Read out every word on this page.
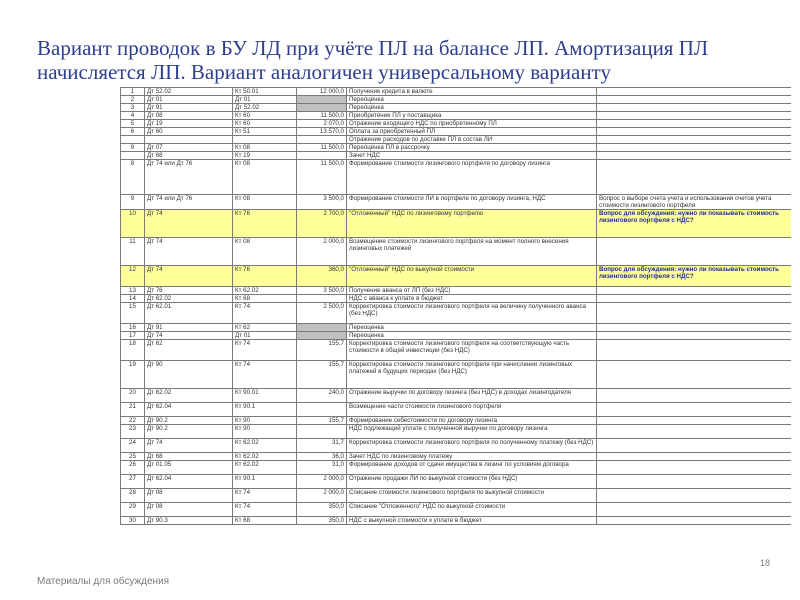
Вариант проводок в БУ ЛД при учёте ПЛ на балансе ЛП. Амортизация ПЛ начисляется ЛП. Вариант аналогичен универсальному варианту
1	Дт 52.02	Кт 50.01	12 000,0	Получение кредита в валюте	
2	Дт 01	Дт 01		Переоценка	
3	Дт 91	Дт 52.02		Переоценка	
4	Дт 08	Кт 60	11 500,0	Приобретение ПЛ у поставщика	
5	Дт 19	Кт 60	2 070,0	Отражение входящего НДС по приобретенному ПЛ	
6	Дт 60	Кт 51	13 570,0	Оплата за приобретенный ПЛ	
				Отражение расходов по доставке ПЛ в состав ЛИ	
9	Дт 07	Кт 08	11 500,0	Переоценка ПЛ в рассрочку	
	Дт 68	Кт 19		Зачет НДС	
8	Дт 74 или Дт 76	Кт 08	11 500,0	Формирование стоимости лизингового портфеля по договору лизинга	
9	Дт 74 или Дт 76	Кт 08	3 500,0	Формирование стоимости ЛИ в портфеле по договору лизинга, НДС	Вопрос о выборе счета учета и использования счетов учета стоимости лизингового портфеля
10	Дт 74	Кт 76	2 700,0	"Отложенный" НДС по лизинговому портфелю	Вопрос для обсуждения: нужно ли показывать стоимость лизингового портфеля с НДС?
11	Дт 74	Кт 08	2 000,0	Возмещение стоимости лизингового портфеля на момент полного внесения лизинговых платежей	
12	Дт 74	Кт 76	360,0	"Отложенный" НДС по выкупной стоимости	Вопрос для обсуждения: нужно ли показывать стоимость лизингового портфеля с НДС?
13	Дт 76	Кт 62.02	3 500,0	Получение аванса от ЛП (без НДС)	
14	Дт 62.02	Кт 68		НДС с аванса к уплате в бюджет	
15	Дт 62.01	Кт 74	2 500,0	Корректировка стоимости лизингового портфеля на величину полученного аванса (без НДС)	
16	Дт 91	Кт 62		Переоценка	
17	Дт 74	Дт 01		Переоценка	
18	Дт 62	Кт 74	155,7	Корректировка стоимости лизингового портфеля на соответствующую часть стоимости в общей инвестиции (без НДС)	
19	Дт 90	Кт 74	155,7	Корректировка стоимости лизингового портфеля при начислении лизинговых платежей в будущих периодах (без НДС)	
20	Дт 62.02	Кт 90.01	240,0	Отражение выручки по договору лизинга (без НДС) в доходах лизингодателя	
21	Дт 62.04	Кт 90.1		Возмещение части стоимости лизингового портфеля	
22	Дт 90.2	Кт 90	155,7	Формирование себестоимости по договору лизинга	
23	Дт 90.2	Кт 90		НДС подлежащий уплате с полученной выручки по договору лизинга	
24	Дт 74	Кт 62.02	31,7	Корректировка стоимости лизингового портфеля по полученному платежу (без НДС)	
25	Дт 68	Кт 62.02	36,0	Зачет НДС по лизинговому платежу	
26	Дт 01.05	Кт 62.02	31,0	Формирование доходов от сдачи имущества в лизинг по условиям договора	
27	Дт 62.04	Кт 90.1	2 000,0	Отражение продажи ЛИ по выкупной стоимости (без НДС)	
28	Дт 08	Кт 74	2 000,0	Списание стоимости лизингового портфеля по выкупной стоимости	
29	Дт 08	Кт 74	350,0	Списание "Отложенного" НДС по выкупной стоимости	
30	Дт 90.3	Кт 68	350,0	НДС с выкупной стоимости к уплате в бюджет	
Материалы для обсуждения
18
